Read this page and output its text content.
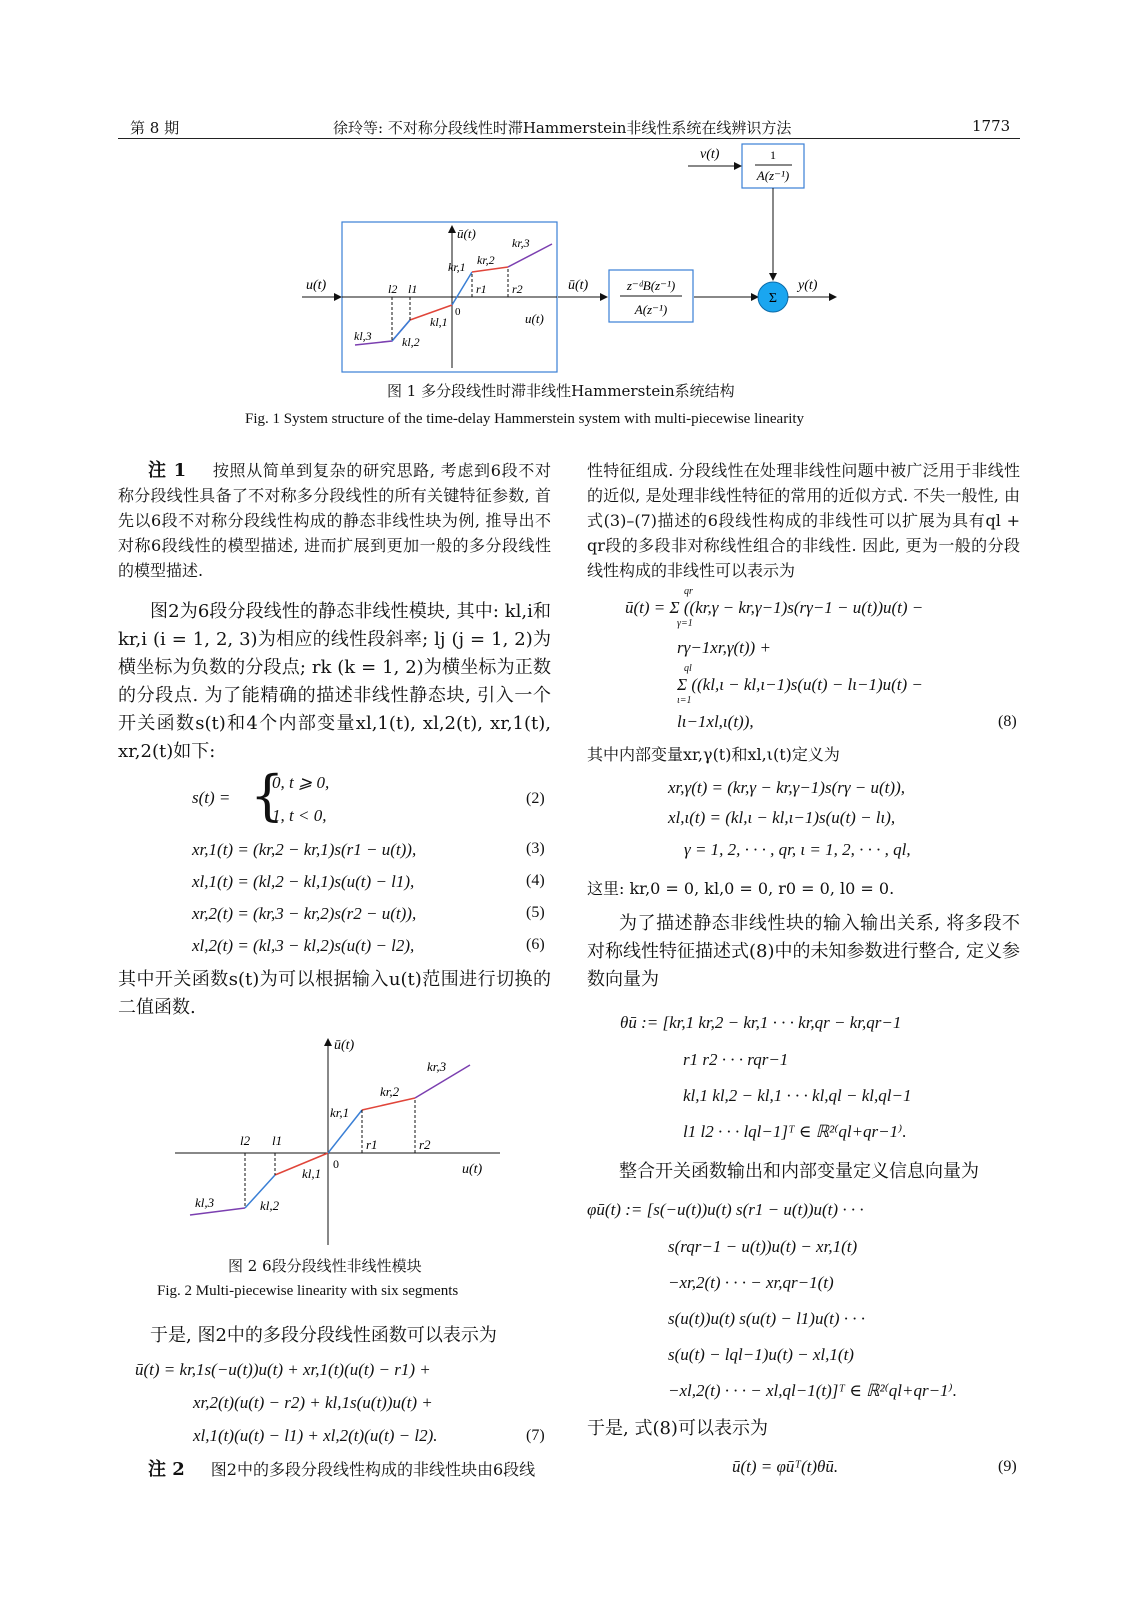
第 8 期	徐玲等: 不对称分段线性时滞Hammerstein非线性系统在线辨识方法	1773
1
A(z⁻¹)
v(t)
ū(t)
u(t)
0
kr,1 kr,2
kr,3
kl,1
kl,2
kl,3
l2 l1	r1 r2
u(t)	ū(t)	z⁻ᵈB(z⁻¹)
A(z⁻¹)
Σ
y(t)
图 1 多分段线性时滞非线性Hammerstein系统结构
Fig. 1 System structure of the time-delay Hammerstein system with multi-piecewise linearity
注 1 按照从简单到复杂的研究思路, 考虑到6段不对称分段线性具备了不对称多分段线性的所有关键特征参数, 首先以6段不对称分段线性构成的静态非线性块为例, 推导出不对称6段线性的模型描述, 进而扩展到更加一般的多分段线性的模型描述.
图2为6段分段线性的静态非线性模块, 其中: kl,i和kr,i (i = 1, 2, 3)为相应的线性段斜率; lj (j = 1, 2)为横坐标为负数的分段点; rk (k = 1, 2)为横坐标为正数的分段点. 为了能精确的描述非线性静态块, 引入一个开关函数s(t)和4个内部变量xl,1(t), xl,2(t), xr,1(t), xr,2(t)如下:
s(t) = {
0, t ⩾ 0,
1, t < 0,
(2)
xr,1(t) = (kr,2 − kr,1)s(r1 − u(t)),	(3)
xl,1(t) = (kl,2 − kl,1)s(u(t) − l1),	(4)
xr,2(t) = (kr,3 − kr,2)s(r2 − u(t)),	(5)
xl,2(t) = (kl,3 − kl,2)s(u(t) − l2),	(6)
其中开关函数s(t)为可以根据输入u(t)范围进行切换的二值函数.
ū(t)
u(t)
0
kr,1
kr,2
kr,3
kl,1
kl,2
kl,3
l2 l1	r1	r2
图 2 6段分段线性非线性模块
Fig. 2 Multi-piecewise linearity with six segments
于是, 图2中的多段分段线性函数可以表示为
ū(t) = kr,1s(−u(t))u(t) + xr,1(t)(u(t) − r1) +
xr,2(t)(u(t) − r2) + kl,1s(u(t))u(t) +
xl,1(t)(u(t) − l1) + xl,2(t)(u(t) − l2).	(7)
注 2 图2中的多段分段线性构成的非线性块由6段线
性特征组成. 分段线性在处理非线性问题中被广泛用于非线性的近似, 是处理非线性特征的常用的近似方式. 不失一般性, 由式(3)–(7)描述的6段线性构成的非线性可以扩展为具有ql + qr段的多段非对称线性组合的非线性. 因此, 更为一般的分段线性构成的非线性可以表示为
ū(t) = Σ ((kr,γ − kr,γ−1)s(rγ−1 − u(t))u(t) −
qr
γ=1
rγ−1xr,γ(t)) +
Σ ((kl,ι − kl,ι−1)s(u(t) − lι−1)u(t) −
ql
ι=1
lι−1xl,ι(t)),	(8)
其中内部变量xr,γ(t)和xl,ι(t)定义为
xr,γ(t) = (kr,γ − kr,γ−1)s(rγ − u(t)),
xl,ι(t) = (kl,ι − kl,ι−1)s(u(t) − lι),
γ = 1, 2, · · · , qr, ι = 1, 2, · · · , ql,
这里: kr,0 = 0, kl,0 = 0, r0 = 0, l0 = 0.
为了描述静态非线性块的输入输出关系, 将多段不对称线性特征描述式(8)中的未知参数进行整合, 定义参数向量为
θū := [kr,1 kr,2 − kr,1 · · · kr,qr − kr,qr−1
r1 r2 · · · rqr−1
kl,1 kl,2 − kl,1 · · · kl,ql − kl,ql−1
l1 l2 · · · lql−1]ᵀ ∈ ℝ²⁽ql+qr−1⁾.
整合开关函数输出和内部变量定义信息向量为
φū(t) := [s(−u(t))u(t) s(r1 − u(t))u(t) · · ·
s(rqr−1 − u(t))u(t) − xr,1(t)
−xr,2(t) · · · − xr,qr−1(t)
s(u(t))u(t) s(u(t) − l1)u(t) · · ·
s(u(t) − lql−1)u(t) − xl,1(t)
−xl,2(t) · · · − xl,ql−1(t)]ᵀ ∈ ℝ²⁽ql+qr−1⁾.
于是, 式(8)可以表示为
ū(t) = φūᵀ(t)θū.	(9)
